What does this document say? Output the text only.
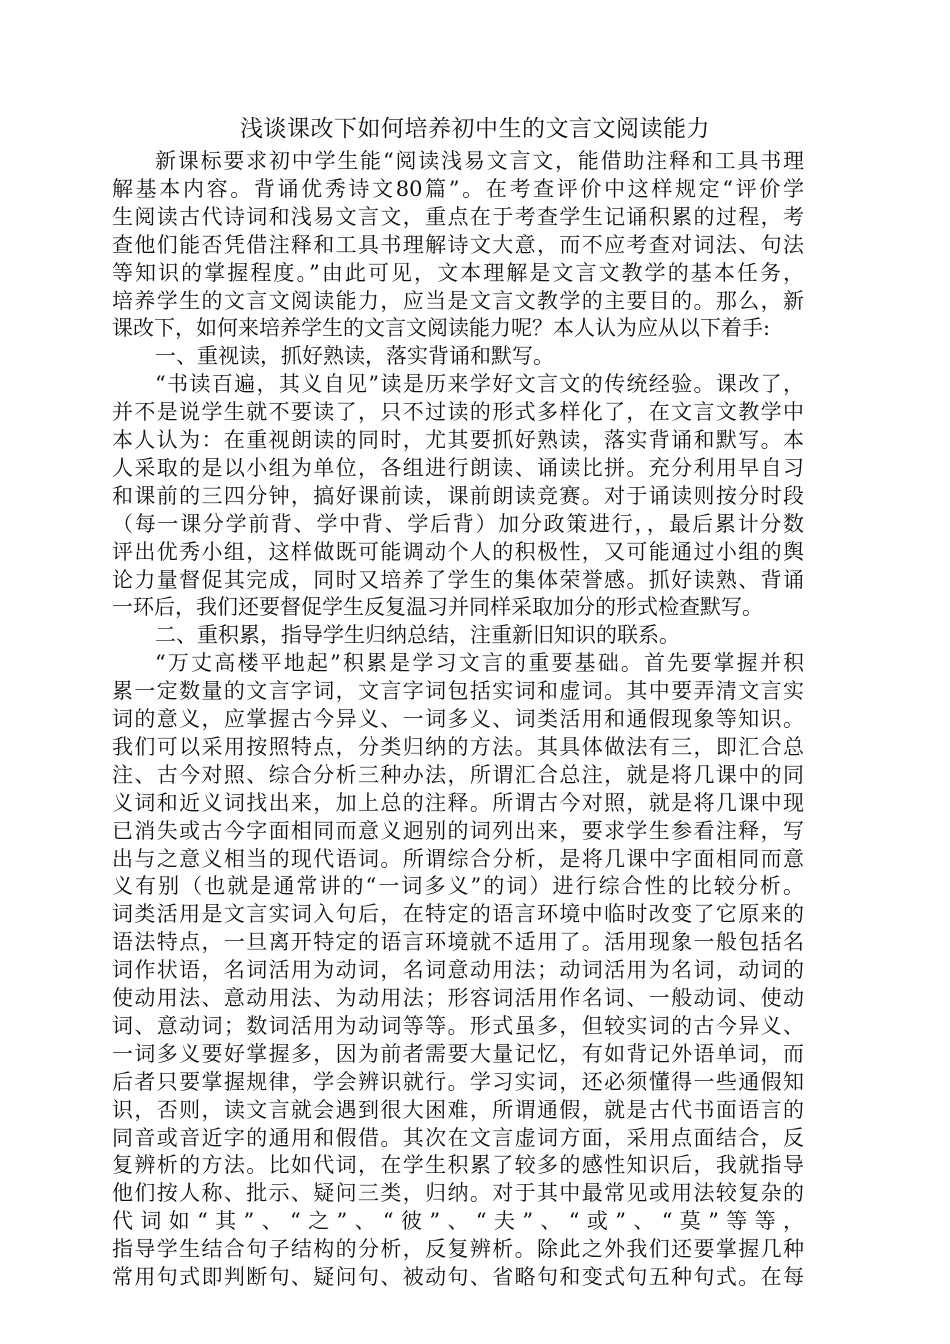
浅谈课改下如何培养初中生的文言文阅读能力
新课标要求初中学生能“阅读浅易文言文，能借助注释和工具书理
解基本内容。背诵优秀诗文80篇”。在考查评价中这样规定“评价学
生阅读古代诗词和浅易文言文，重点在于考查学生记诵积累的过程，考
查他们能否凭借注释和工具书理解诗文大意，而不应考查对词法、句法
等知识的掌握程度。”由此可见，文本理解是文言文教学的基本任务，
培养学生的文言文阅读能力，应当是文言文教学的主要目的。那么，新
课改下，如何来培养学生的文言文阅读能力呢？本人认为应从以下着手:
一、重视读，抓好熟读，落实背诵和默写。
“书读百遍，其义自见”读是历来学好文言文的传统经验。课改了，
并不是说学生就不要读了，只不过读的形式多样化了，在文言文教学中
本人认为：在重视朗读的同时，尤其要抓好熟读，落实背诵和默写。本
人采取的是以小组为单位，各组进行朗读、诵读比拼。充分利用早自习
和课前的三四分钟，搞好课前读，课前朗读竞赛。对于诵读则按分时段
（每一课分学前背、学中背、学后背）加分政策进行，，最后累计分数
评出优秀小组，这样做既可能调动个人的积极性，又可能通过小组的舆
论力量督促其完成，同时又培养了学生的集体荣誉感。抓好读熟、背诵
一环后，我们还要督促学生反复温习并同样采取加分的形式检查默写。
二、重积累，指导学生归纳总结，注重新旧知识的联系。
“万丈高楼平地起”积累是学习文言的重要基础。首先要掌握并积
累一定数量的文言字词，文言字词包括实词和虚词。其中要弄清文言实
词的意义，应掌握古今异义、一词多义、词类活用和通假现象等知识。
我们可以采用按照特点，分类归纳的方法。其具体做法有三，即汇合总
注、古今对照、综合分析三种办法，所谓汇合总注，就是将几课中的同
义词和近义词找出来，加上总的注释。所谓古今对照，就是将几课中现
已消失或古今字面相同而意义迥别的词列出来，要求学生参看注释，写
出与之意义相当的现代语词。所谓综合分析，是将几课中字面相同而意
义有别（也就是通常讲的“一词多义”的词）进行综合性的比较分析。
词类活用是文言实词入句后，在特定的语言环境中临时改变了它原来的
语法特点，一旦离开特定的语言环境就不适用了。活用现象一般包括名
词作状语，名词活用为动词，名词意动用法；动词活用为名词，动词的
使动用法、意动用法、为动用法；形容词活用作名词、一般动词、使动
词、意动词；数词活用为动词等等。形式虽多，但较实词的古今异义、
一词多义要好掌握多，因为前者需要大量记忆，有如背记外语单词，而
后者只要掌握规律，学会辨识就行。学习实词，还必须懂得一些通假知
识，否则，读文言就会遇到很大困难，所谓通假，就是古代书面语言的
同音或音近字的通用和假借。其次在文言虚词方面，采用点面结合，反
复辨析的方法。比如代词，在学生积累了较多的感性知识后，我就指导
他们按人称、批示、疑问三类，归纳。对于其中最常见或用法较复杂的
代词如“其”、“之”、“彼”、“夫”、“或”、“莫”等等，
指导学生结合句子结构的分析，反复辨析。除此之外我们还要掌握几种
常用句式即判断句、疑问句、被动句、省略句和变式句五种句式。在每
